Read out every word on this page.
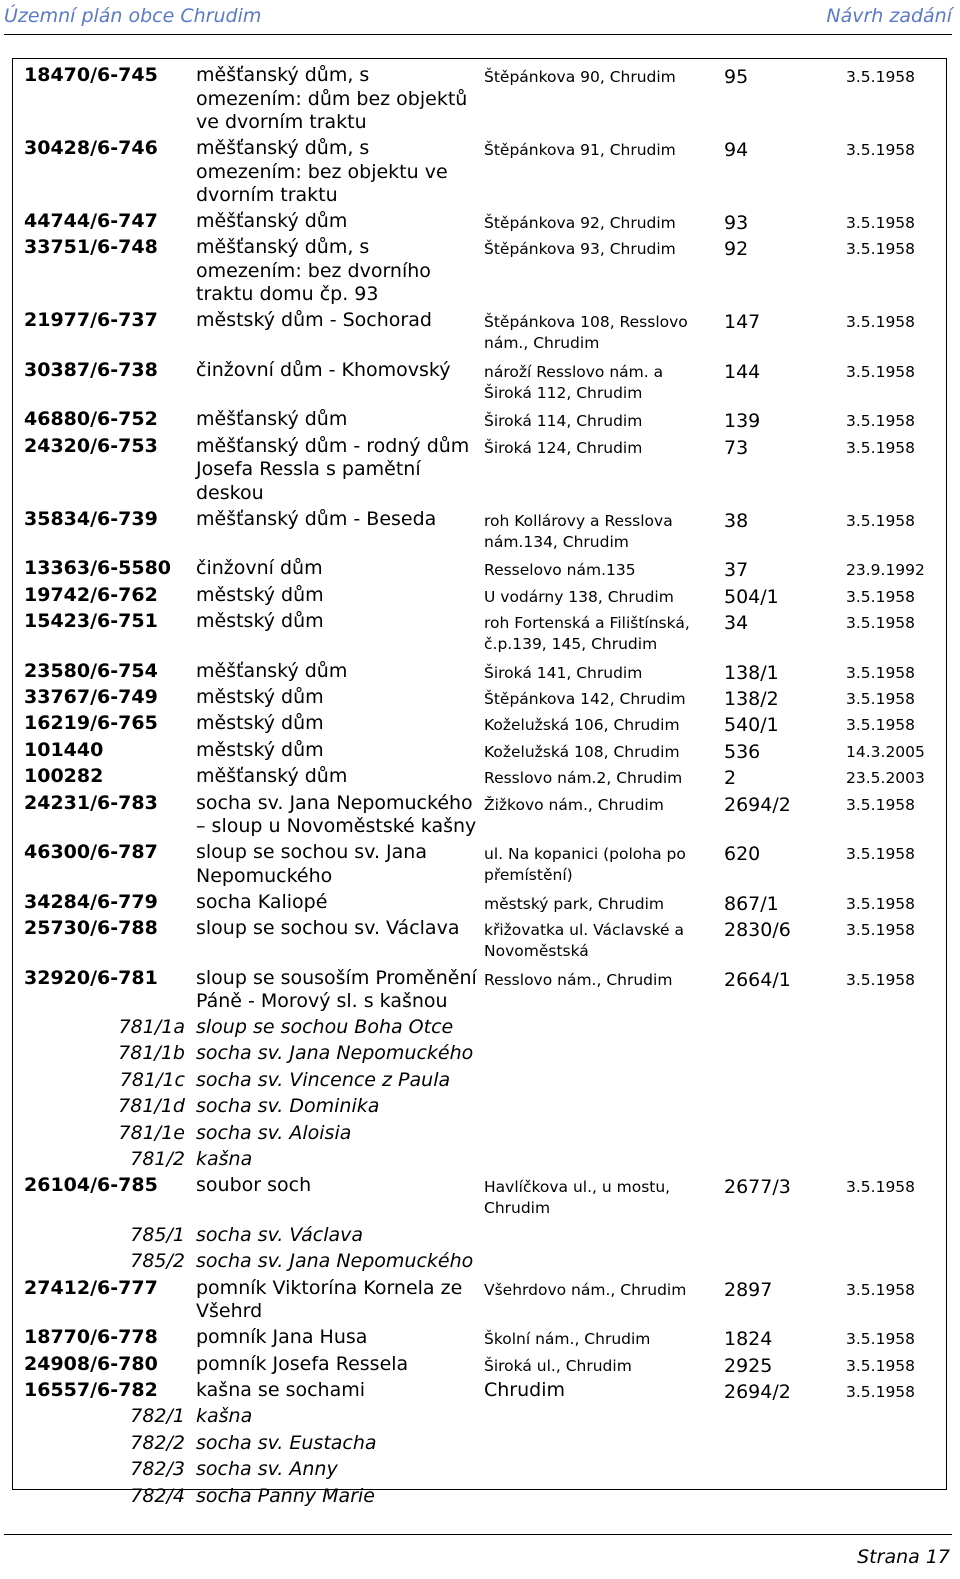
Územní plán obce Chrudim	Návrh zadání
18470/6-745	měšťanský dům, s
omezením: dům bez objektů
ve dvorním traktu
Štěpánkova 90, Chrudim	95	3.5.1958
30428/6-746	měšťanský dům, s
omezením: bez objektu ve
dvorním traktu
Štěpánkova 91, Chrudim	94	3.5.1958
44744/6-747	měšťanský dům	Štěpánkova 92, Chrudim	93	3.5.1958
33751/6-748	měšťanský dům, s
omezením: bez dvorního
traktu domu čp. 93
Štěpánkova 93, Chrudim	92	3.5.1958
21977/6-737	městský dům - Sochorad	Štěpánkova 108, Resslovo
nám., Chrudim
147	3.5.1958
30387/6-738	činžovní dům - Khomovský	nároží Resslovo nám. a
Široká 112, Chrudim
144	3.5.1958
46880/6-752	měšťanský dům	Široká 114, Chrudim	139	3.5.1958
24320/6-753	měšťanský dům - rodný dům
Josefa Ressla s pamětní
deskou
Široká 124, Chrudim	73	3.5.1958
35834/6-739	měšťanský dům - Beseda	roh Kollárovy a Resslova
nám.134, Chrudim
38	3.5.1958
13363/6-5580	činžovní dům	Resselovo nám.135	37	23.9.1992
19742/6-762	městský dům	U vodárny 138, Chrudim	504/1	3.5.1958
15423/6-751	městský dům	roh Fortenská a Filištínská,
č.p.139, 145, Chrudim
34	3.5.1958
23580/6-754	měšťanský dům	Široká 141, Chrudim	138/1	3.5.1958
33767/6-749	městský dům	Štěpánkova 142, Chrudim	138/2	3.5.1958
16219/6-765	městský dům	Koželužská 106, Chrudim	540/1	3.5.1958
101440	městský dům	Koželužská 108, Chrudim	536	14.3.2005
100282	měšťanský dům	Resslovo nám.2, Chrudim	2	23.5.2003
24231/6-783	socha sv. Jana Nepomuckého
– sloup u Novoměstské kašny
Žižkovo nám., Chrudim	2694/2	3.5.1958
46300/6-787	sloup se sochou sv. Jana
Nepomuckého
ul. Na kopanici (poloha po
přemístění)
620	3.5.1958
34284/6-779	socha Kaliopé	městský park, Chrudim	867/1	3.5.1958
25730/6-788	sloup se sochou sv. Václava	křižovatka ul. Václavské a
Novoměstská
2830/6	3.5.1958
32920/6-781	sloup se sousoším Proměnění
Páně - Morový sl. s kašnou
Resslovo nám., Chrudim	2664/1	3.5.1958
781/1a sloup se sochou Boha Otce
781/1b socha sv. Jana Nepomuckého
781/1c socha sv. Vincence z Paula
781/1d socha sv. Dominika
781/1e socha sv. Aloisia
781/2 kašna
26104/6-785	soubor soch	Havlíčkova ul., u mostu,
Chrudim
2677/3	3.5.1958
785/1 socha sv. Václava
785/2 socha sv. Jana Nepomuckého
27412/6-777	pomník Viktorína Kornela ze
Všehrd
Všehrdovo nám., Chrudim	2897	3.5.1958
18770/6-778	pomník Jana Husa	Školní nám., Chrudim	1824	3.5.1958
24908/6-780	pomník Josefa Ressela	Široká ul., Chrudim	2925	3.5.1958
16557/6-782	kašna se sochami	Chrudim	2694/2	3.5.1958
782/1 kašna
782/2 socha sv. Eustacha
782/3 socha sv. Anny
782/4 socha Panny Marie
Strana 17
